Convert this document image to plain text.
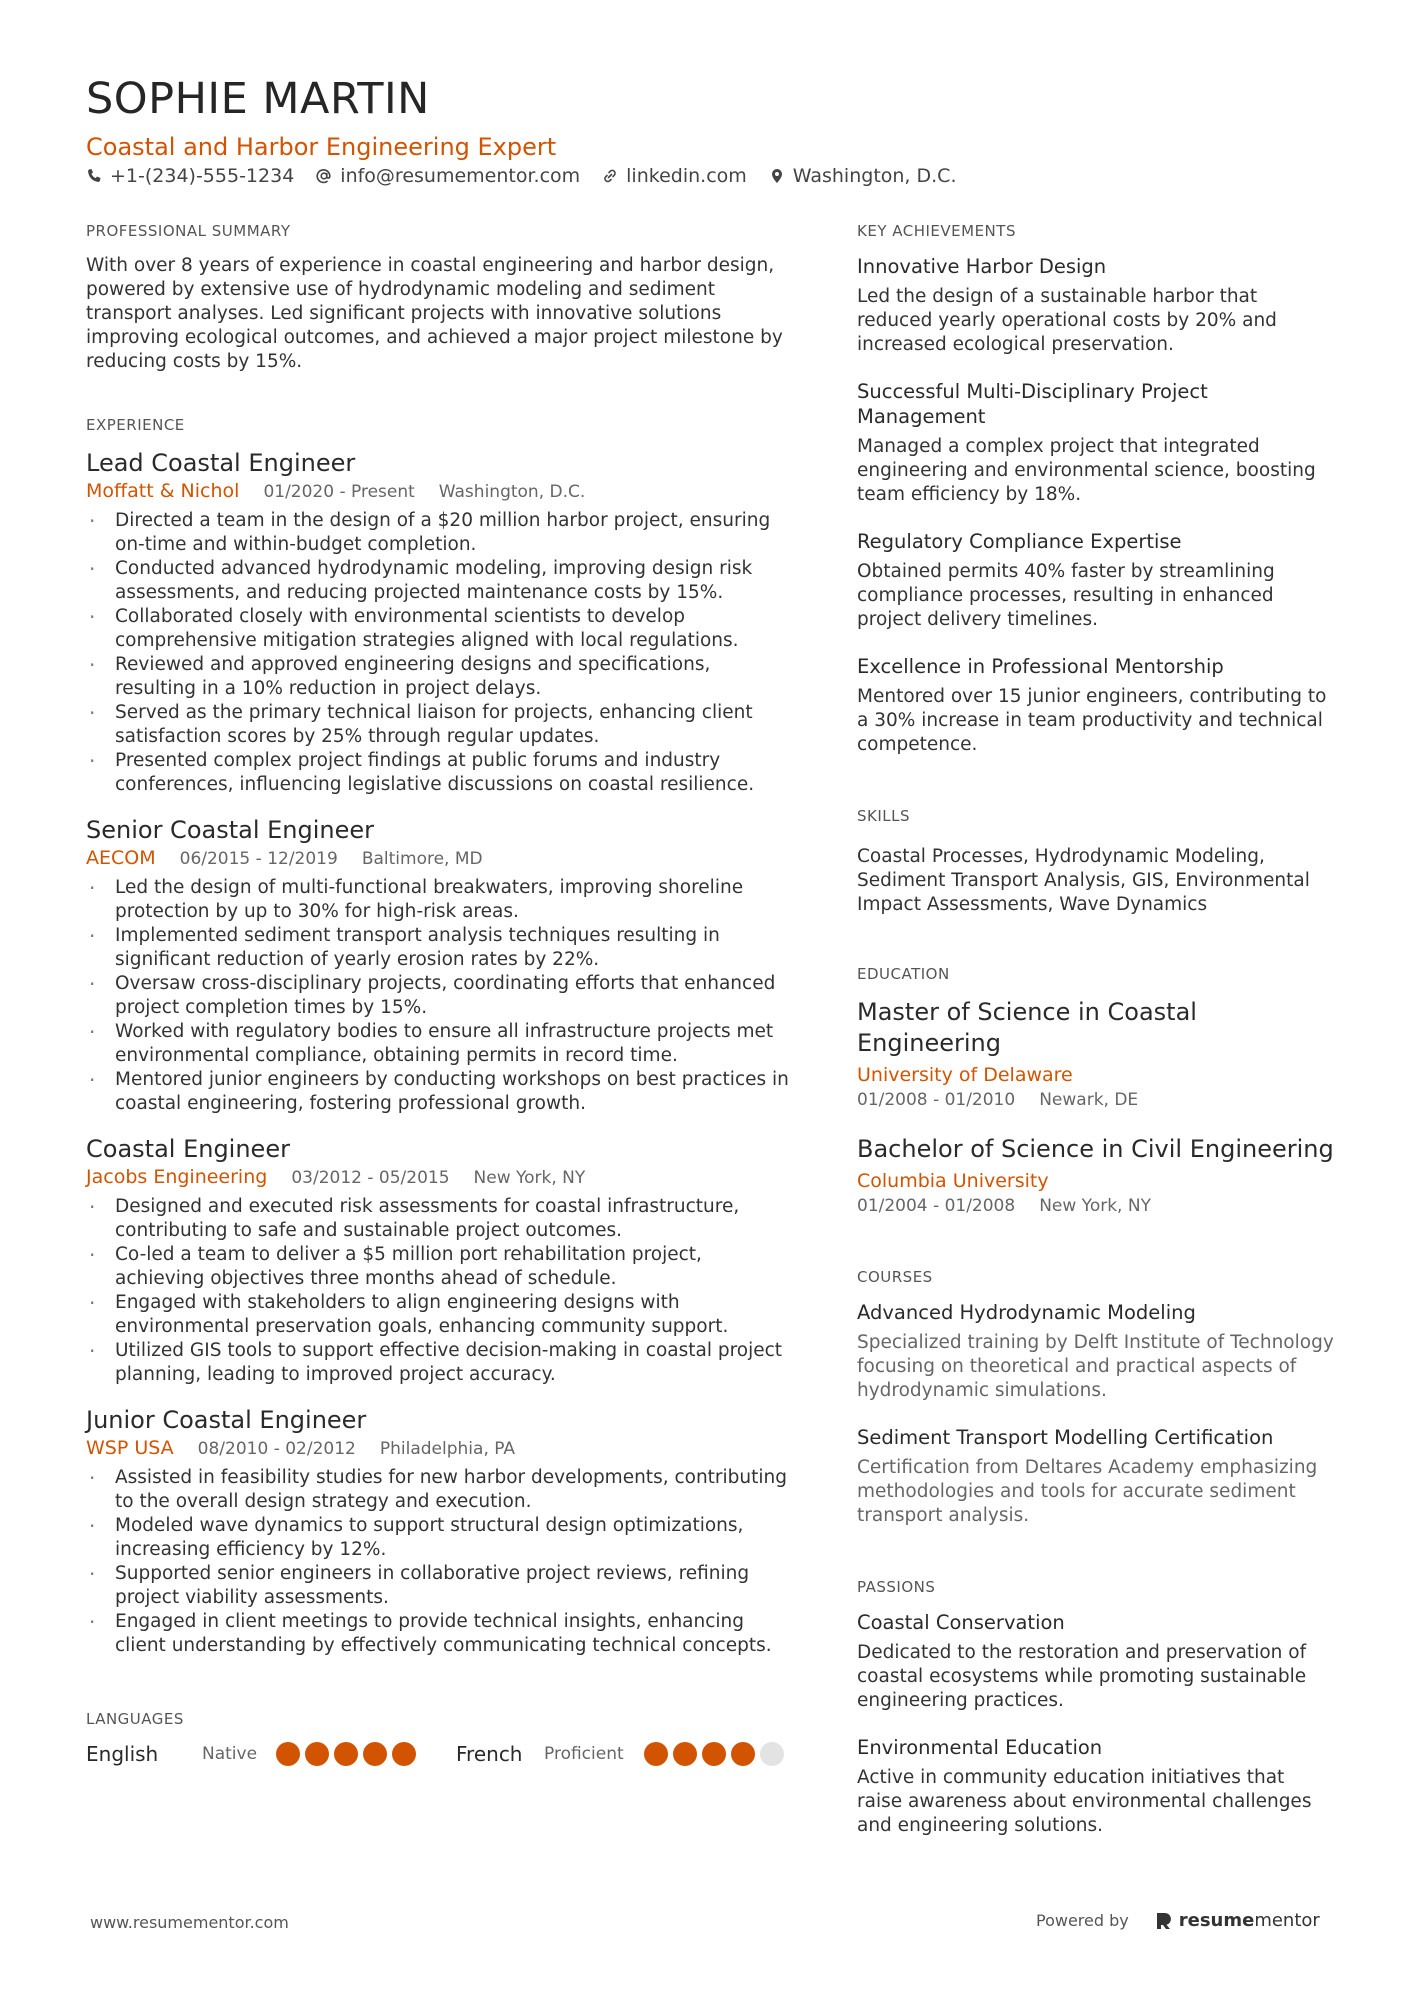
SOPHIE MARTIN
Coastal and Harbor Engineering Expert
+1-(234)-555-1234 info@resumementor.com linkedin.com Washington, D.C.
PROFESSIONAL SUMMARY

With over 8 years of experience in coastal engineering and harbor design, powered by extensive use of hydrodynamic modeling and sediment transport analyses. Led significant projects with innovative solutions improving ecological outcomes, and achieved a major project milestone by reducing costs by 15%.

EXPERIENCE
Lead Coastal Engineer
Moffatt & Nichol 01/2020 - Present Washington, D.C.
· Directed a team in the design of a $20 million harbor project, ensuring on-time and within-budget completion.
· Conducted advanced hydrodynamic modeling, improving design risk assessments, and reducing projected maintenance costs by 15%.
· Collaborated closely with environmental scientists to develop comprehensive mitigation strategies aligned with local regulations.
· Reviewed and approved engineering designs and specifications, resulting in a 10% reduction in project delays.
· Served as the primary technical liaison for projects, enhancing client satisfaction scores by 25% through regular updates.
· Presented complex project findings at public forums and industry conferences, influencing legislative discussions on coastal resilience.
Senior Coastal Engineer
AECOM 06/2015 - 12/2019 Baltimore, MD
· Led the design of multi-functional breakwaters, improving shoreline protection by up to 30% for high-risk areas.
· Implemented sediment transport analysis techniques resulting in significant reduction of yearly erosion rates by 22%.
· Oversaw cross-disciplinary projects, coordinating efforts that enhanced project completion times by 15%.
· Worked with regulatory bodies to ensure all infrastructure projects met environmental compliance, obtaining permits in record time.
· Mentored junior engineers by conducting workshops on best practices in coastal engineering, fostering professional growth.
Coastal Engineer
Jacobs Engineering 03/2012 - 05/2015 New York, NY
· Designed and executed risk assessments for coastal infrastructure, contributing to safe and sustainable project outcomes.
· Co-led a team to deliver a $5 million port rehabilitation project, achieving objectives three months ahead of schedule.
· Engaged with stakeholders to align engineering designs with environmental preservation goals, enhancing community support.
· Utilized GIS tools to support effective decision-making in coastal project planning, leading to improved project accuracy.
Junior Coastal Engineer
WSP USA 08/2010 - 02/2012 Philadelphia, PA
· Assisted in feasibility studies for new harbor developments, contributing to the overall design strategy and execution.
· Modeled wave dynamics to support structural design optimizations, increasing efficiency by 12%.
· Supported senior engineers in collaborative project reviews, refining project viability assessments.
· Engaged in client meetings to provide technical insights, enhancing client understanding by effectively communicating technical concepts.
LANGUAGES
English	Native	French	Proficient
KEY ACHIEVEMENTS
Innovative Harbor Design

Led the design of a sustainable harbor that reduced yearly operational costs by 20% and increased ecological preservation.

Successful Multi-Disciplinary Project Management

Managed a complex project that integrated engineering and environmental science, boosting team efficiency by 18%.

Regulatory Compliance Expertise

Obtained permits 40% faster by streamlining compliance processes, resulting in enhanced project delivery timelines.

Excellence in Professional Mentorship

Mentored over 15 junior engineers, contributing to a 30% increase in team productivity and technical competence.

SKILLS

Coastal Processes, Hydrodynamic Modeling, Sediment Transport Analysis, GIS, Environmental Impact Assessments, Wave Dynamics

EDUCATION
Master of Science in Coastal Engineering
University of Delaware
01/2008 - 01/2010 Newark, DE
Bachelor of Science in Civil Engineering
Columbia University
01/2004 - 01/2008 New York, NY
COURSES
Advanced Hydrodynamic Modeling

Specialized training by Delft Institute of Technology focusing on theoretical and practical aspects of hydrodynamic simulations.

Sediment Transport Modelling Certification

Certification from Deltares Academy emphasizing methodologies and tools for accurate sediment transport analysis.

PASSIONS
Coastal Conservation

Dedicated to the restoration and preservation of coastal ecosystems while promoting sustainable engineering practices.

Environmental Education

Active in community education initiatives that raise awareness about environmental challenges and engineering solutions.

www.resumementor.com	Powered by	resumementor
